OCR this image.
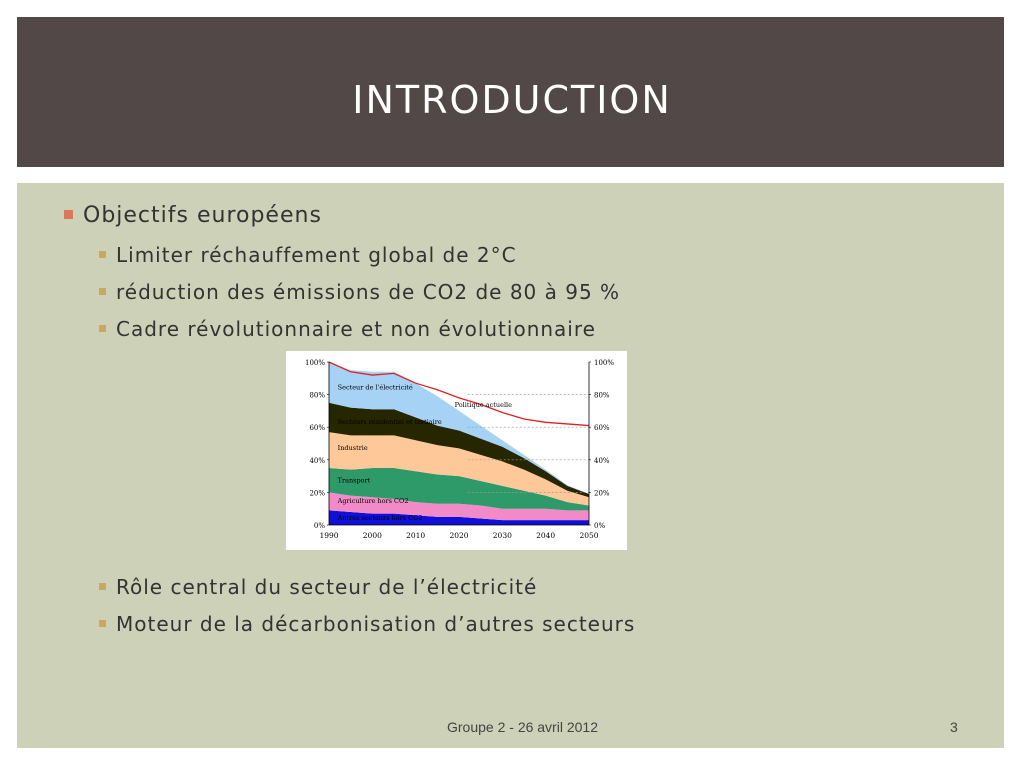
INTRODUCTION
Objectifs européens
Limiter réchauffement global de 2°C
réduction des émissions de CO2 de 80 à 95 %
Cadre révolutionnaire et non évolutionnaire
0%	0%
20%	20%
40%	40%
60%	60%
80%	80%
100%	100%
1990	2000	2010	2020	2030	2040	2050
Secteur de l'électricité
Secteurs résidentiel et tertiaire
Industrie
Transport
Agriculture hors CO2
Autres secteurs hors CO2
Politique actuelle
Rôle central du secteur de l’électricité
Moteur de la décarbonisation d’autres secteurs
Groupe 2 - 26 avril 2012	3
